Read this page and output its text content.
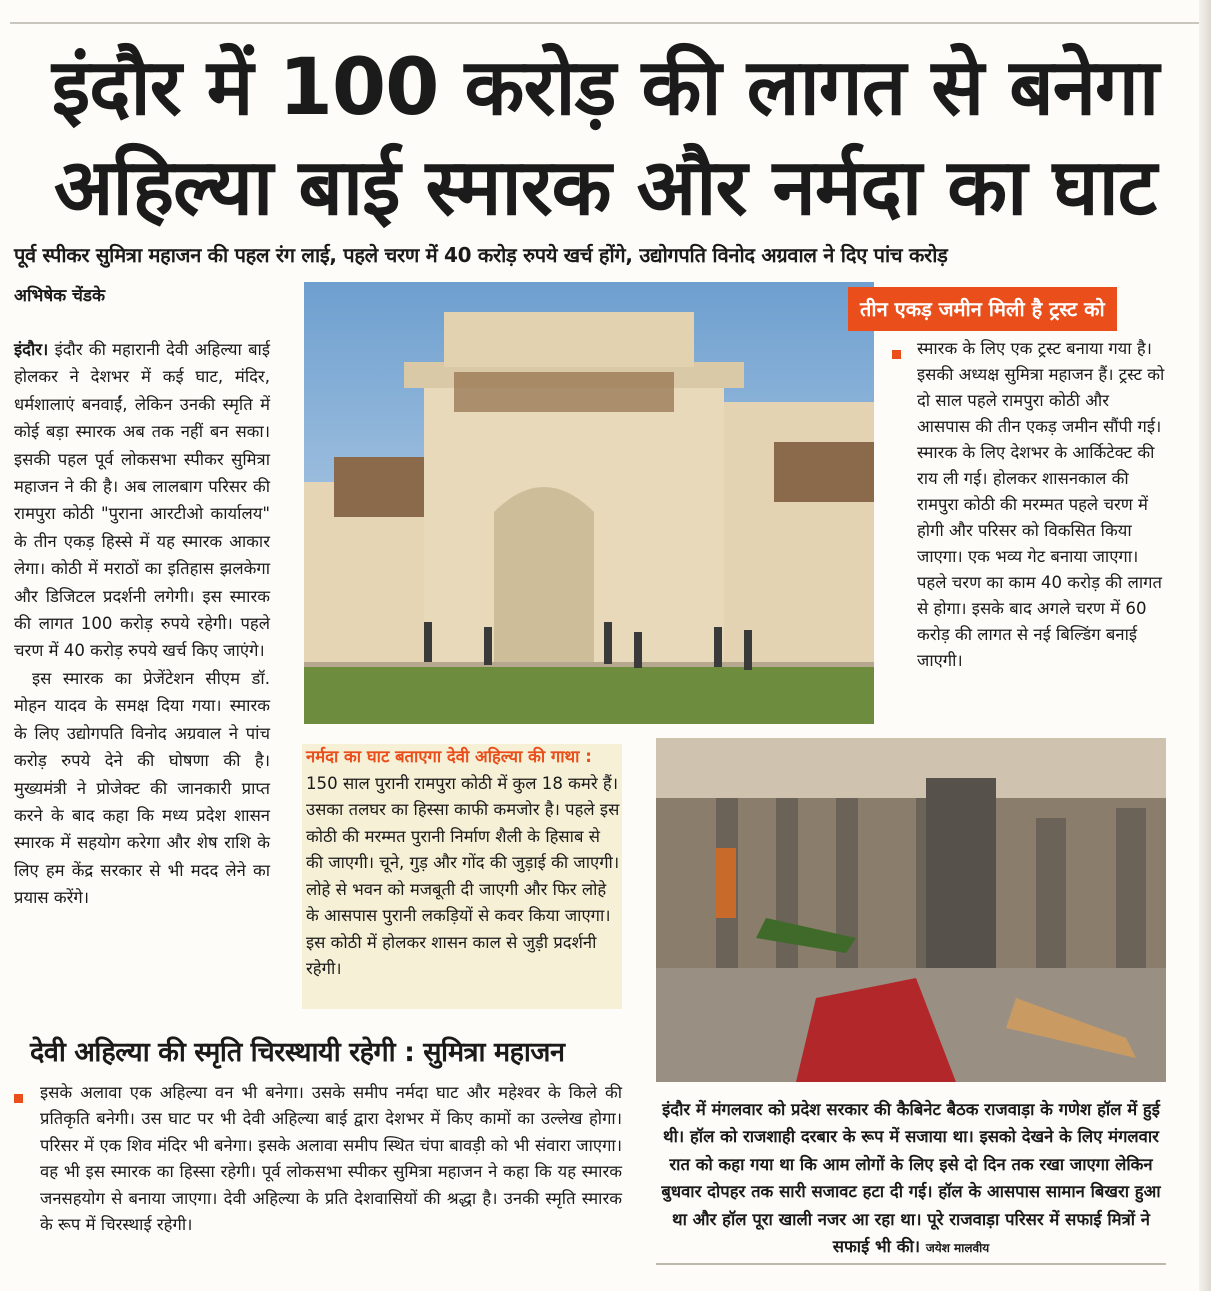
इंदौर में 100 करोड़ की लागत से बनेगा
अहिल्या बाई स्मारक और नर्मदा का घाट
पूर्व स्पीकर सुमित्रा महाजन की पहल रंग लाई, पहले चरण में 40 करोड़ रुपये खर्च होंगे, उद्योगपति विनोद अग्रवाल ने दिए पांच करोड़
अभिषेक चेंडके

इंदौर। इंदौर की महारानी देवी अहिल्या बाई होलकर ने देशभर में कई घाट, मंदिर, धर्मशालाएं बनवाईं, लेकिन उनकी स्मृति में कोई बड़ा स्मारक अब तक नहीं बन सका। इसकी पहल पूर्व लोकसभा स्पीकर सुमित्रा महाजन ने की है। अब लालबाग परिसर की रामपुरा कोठी "पुराना आरटीओ कार्यालय" के तीन एकड़ हिस्से में यह स्मारक आकार लेगा। कोठी में मराठों का इतिहास झलकेगा और डिजिटल प्रदर्शनी लगेगी। इस स्मारक की लागत 100 करोड़ रुपये रहेगी। पहले चरण में 40 करोड़ रुपये खर्च किए जाएंगे।

इस स्मारक का प्रेजेंटेशन सीएम डॉ. मोहन यादव के समक्ष दिया गया। स्मारक के लिए उद्योगपति विनोद अग्रवाल ने पांच करोड़ रुपये देने की घोषणा की है। मुख्यमंत्री ने प्रोजेक्ट की जानकारी प्राप्त करने के बाद कहा कि मध्य प्रदेश शासन स्मारक में सहयोग करेगा और शेष राशि के लिए हम केंद्र सरकार से भी मदद लेने का प्रयास करेंगे।

तीन एकड़ जमीन मिली है ट्रस्ट को
स्मारक के लिए एक ट्रस्ट बनाया गया है। इसकी अध्यक्ष सुमित्रा महाजन हैं। ट्रस्ट को दो साल पहले रामपुरा कोठी और आसपास की तीन एकड़ जमीन सौंपी गई। स्मारक के लिए देशभर के आर्किटेक्ट की राय ली गई। होलकर शासनकाल की रामपुरा कोठी की मरम्मत पहले चरण में होगी और परिसर को विकसित किया जाएगा। एक भव्य गेट बनाया जाएगा। पहले चरण का काम 40 करोड़ की लागत से होगा। इसके बाद अगले चरण में 60 करोड़ की लागत से नई बिल्डिंग बनाई जाएगी।
नर्मदा का घाट बताएगा देवी अहिल्या की गाथा : 150 साल पुरानी रामपुरा कोठी में कुल 18 कमरे हैं। उसका तलघर का हिस्सा काफी कमजोर है। पहले इस कोठी की मरम्मत पुरानी निर्माण शैली के हिसाब से की जाएगी। चूने, गुड़ और गोंद की जुड़ाई की जाएगी। लोहे से भवन को मजबूती दी जाएगी और फिर लोहे के आसपास पुरानी लकड़ियों से कवर किया जाएगा। इस कोठी में होलकर शासन काल से जुड़ी प्रदर्शनी रहेगी।
देवी अहिल्या की स्मृति चिरस्थायी रहेगी : सुमित्रा महाजन
इसके अलावा एक अहिल्या वन भी बनेगा। उसके समीप नर्मदा घाट और महेश्वर के किले की प्रतिकृति बनेगी। उस घाट पर भी देवी अहिल्या बाई द्वारा देशभर में किए कामों का उल्लेख होगा। परिसर में एक शिव मंदिर भी बनेगा। इसके अलावा समीप स्थित चंपा बावड़ी को भी संवारा जाएगा। वह भी इस स्मारक का हिस्सा रहेगी। पूर्व लोकसभा स्पीकर सुमित्रा महाजन ने कहा कि यह स्मारक जनसहयोग से बनाया जाएगा। देवी अहिल्या के प्रति देशवासियों की श्रद्धा है। उनकी स्मृति स्मारक के रूप में चिरस्थाई रहेगी।
इंदौर में मंगलवार को प्रदेश सरकार की कैबिनेट बैठक राजवाड़ा के गणेश हॉल में हुई थी। हॉल को राजशाही दरबार के रूप में सजाया था। इसको देखने के लिए मंगलवार रात को कहा गया था कि आम लोगों के लिए इसे दो दिन तक रखा जाएगा लेकिन बुधवार दोपहर तक सारी सजावट हटा दी गई। हॉल के आसपास सामान बिखरा हुआ था और हॉल पूरा खाली नजर आ रहा था। पूरे राजवाड़ा परिसर में सफाई मित्रों ने सफाई भी की। जयेश मालवीय
